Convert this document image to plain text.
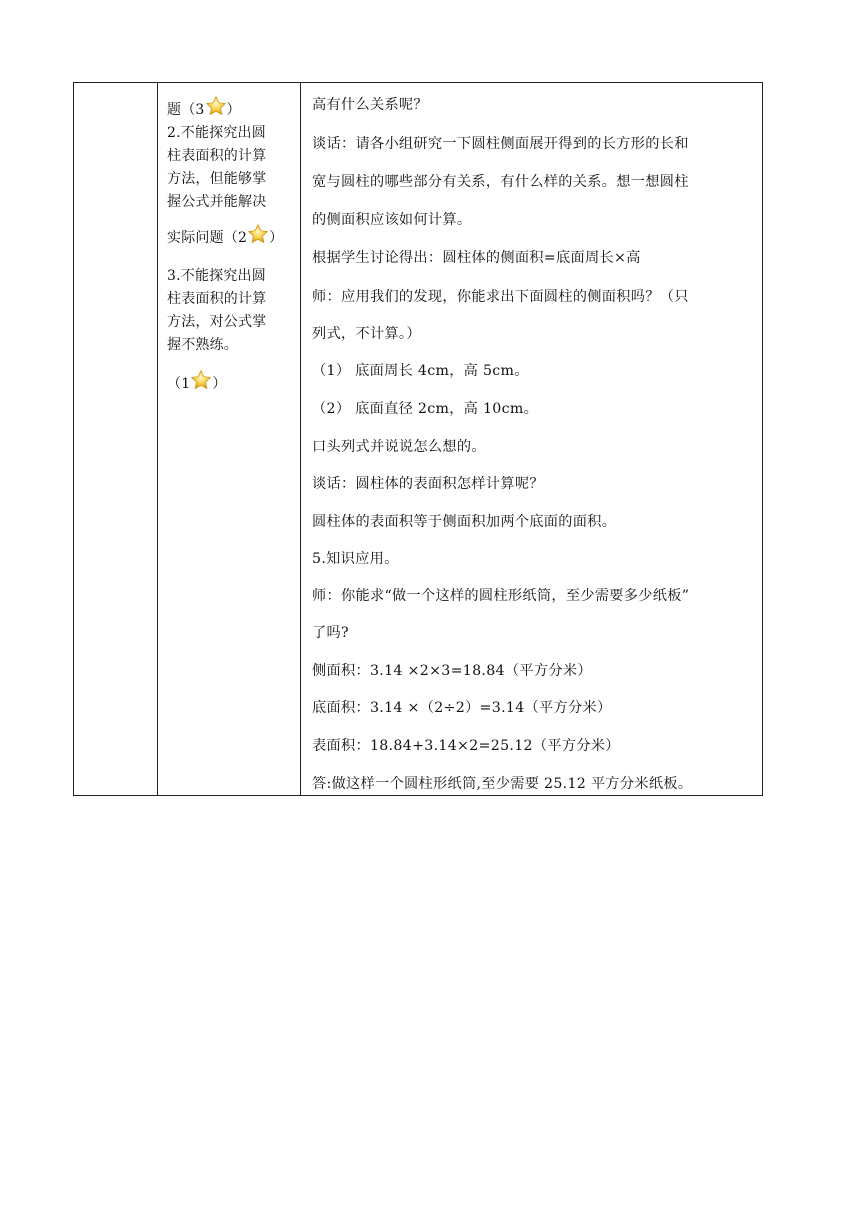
题（3 ）
2.不能探究出圆
柱表面积的计算
方法，但能够掌
握公式并能解决
实际问题（2 ）
3.不能探究出圆
柱表面积的计算
方法，对公式掌
握不熟练。
（1 ）
高有什么关系呢？
谈话：请各小组研究一下圆柱侧面展开得到的长方形的长和
宽与圆柱的哪些部分有关系，有什么样的关系。想一想圆柱
的侧面积应该如何计算。
根据学生讨论得出：圆柱体的侧面积=底面周长×高
师：应用我们的发现，你能求出下面圆柱的侧面积吗？（只
列式，不计算。）
（1） 底面周长 4cm，高 5cm。
（2） 底面直径 2cm，高 10cm。
口头列式并说说怎么想的。
谈话：圆柱体的表面积怎样计算呢？
圆柱体的表面积等于侧面积加两个底面的面积。
5.知识应用。
师：你能求“做一个这样的圆柱形纸筒，至少需要多少纸板”
了吗?
侧面积：3.14 ×2×3=18.84（平方分米）
底面积：3.14 ×（2÷2）=3.14（平方分米）
表面积：18.84+3.14×2=25.12（平方分米）
答:做这样一个圆柱形纸筒,至少需要 25.12 平方分米纸板。
